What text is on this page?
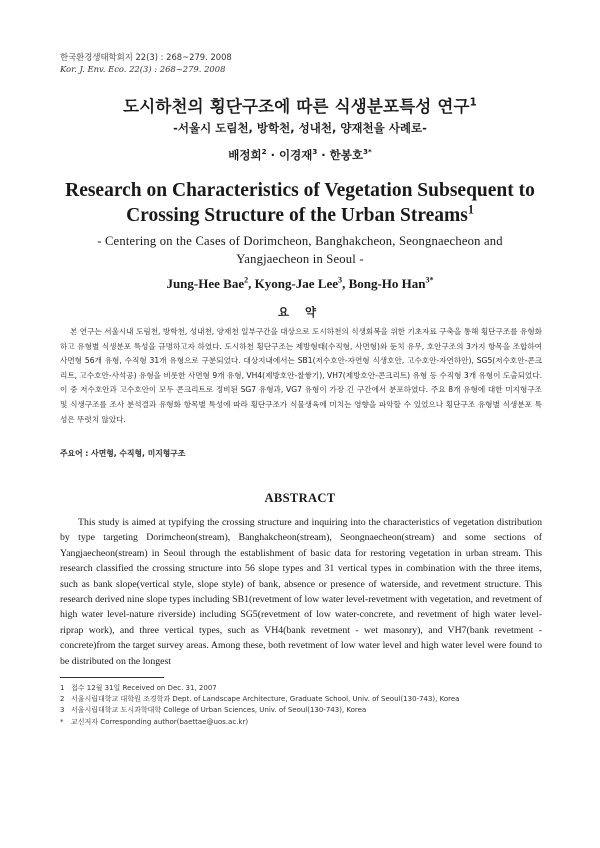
한국환경생태학회지 22(3) : 268~279. 2008
Kor. J. Env. Eco. 22(3) : 268~279. 2008
도시하천의 횡단구조에 따른 식생분포특성 연구$^1$
-서울시 도림천, 방학천, 성내천, 양재천을 사례로-
배정희$^2$ · 이경재$^3$ · 한봉호$^{3*}$
Research on Characteristics of Vegetation Subsequent to
Crossing Structure of the Urban Streams$^1$
- Centering on the Cases of Dorimcheon, Banghakcheon, Seongnaecheon and Yangjaecheon in Seoul -
Jung-Hee Bae$^2$, Kyong-Jae Lee$^3$, Bong-Ho Han$^{3*}$
요 약
본 연구는 서울시내 도림천, 방학천, 성내천, 양재천 일부구간을 대상으로 도시하천의 식생회복을 위한 기초자료 구축을 통해 횡단구조를 유형화하고 유형별 식생분포 특성을 규명하고자 하였다. 도시하천 횡단구조는 제방형태(수직형, 사면형)와 둔치 유무, 호안구조의 3가지 항목을 조합하여 사면형 56개 유형, 수직형 31개 유형으로 구분되었다. 대상지내에서는 SB1(저수호안-자연형 식생호안, 고수호안-자연하안), SG5(저수호안-콘크리트, 고수호안-사석공) 유형을 비롯한 사면형 9개 유형, VH4(제방호안-찰쌓기), VH7(제방호안-콘크리트) 유형 등 수직형 3개 유형이 도출되었다. 이 중 저수호안과 고수호안이 모두 콘크리트로 정비된 SG7 유형과, VG7 유형이 가장 긴 구간에서 분포하였다. 주요 8개 유형에 대한 미지형구조 및 식생구조를 조사 분석결과 유형화 항목별 특성에 따라 횡단구조가 식물생육에 미치는 영향을 파악할 수 있었으나 횡단구조 유형별 식생분포 특성은 뚜렷치 않았다.
주요어 : 사면형, 수직형, 미지형구조
ABSTRACT
This study is aimed at typifying the crossing structure and inquiring into the characteristics of vegetation distribution by type targeting Dorimcheon(stream), Banghakcheon(stream), Seongnaecheon(stream) and some sections of Yangjaecheon(stream) in Seoul through the establishment of basic data for restoring vegetation in urban stream. This research classified the crossing structure into 56 slope types and 31 vertical types in combination with the three items, such as bank slope(vertical style, slope style) of bank, absence or presence of waterside, and revetment structure. This research derived nine slope types including SB1(revetment of low water level-revetment with vegetation, and revetment of high water level-nature riverside) including SG5(revetment of low water-concrete, and revetment of high water level-riprap work), and three vertical types, such as VH4(bank revetment - wet masonry), and VH7(bank revetment - concrete)from the target survey areas. Among these, both revetment of low water level and high water level were found to be distributed on the longest
1 접수 12월 31일 Received on Dec. 31, 2007
2 서울시립대학교 대학원 조경학과 Dept. of Landscape Architecture, Graduate School, Univ. of Seoul(130-743), Korea
3 서울시립대학교 도시과학대학 College of Urban Sciences, Univ. of Seoul(130-743), Korea
* 교신저자 Corresponding author(baettae@uos.ac.kr)
